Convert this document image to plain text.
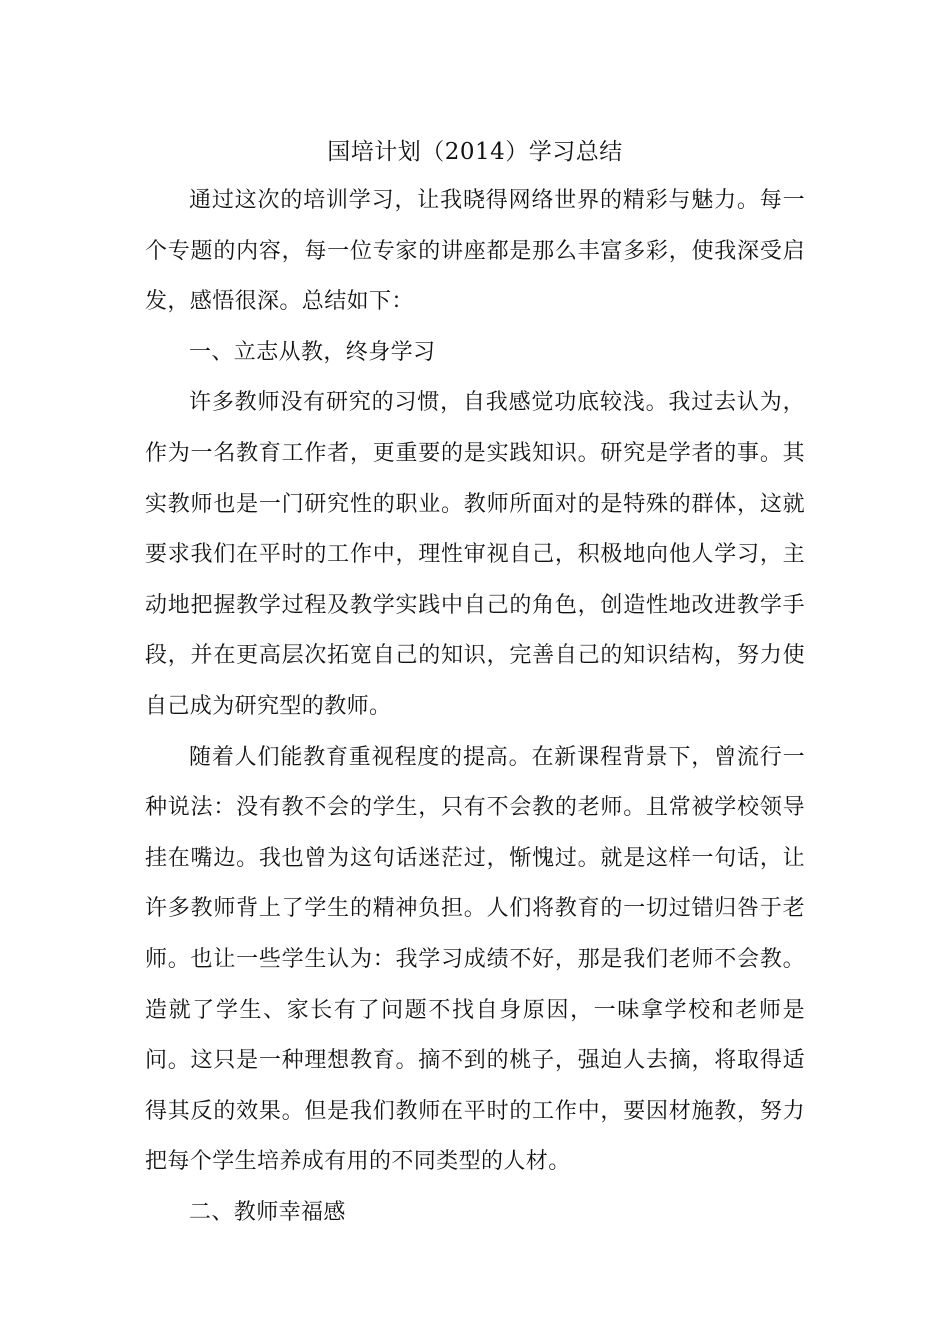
国培计划（2014）学习总结

通过这次的培训学习，让我晓得网络世界的精彩与魅力。每一个专题的内容，每一位专家的讲座都是那么丰富多彩，使我深受启发，感悟很深。总结如下：

一、立志从教，终身学习

许多教师没有研究的习惯，自我感觉功底较浅。我过去认为，作为一名教育工作者，更重要的是实践知识。研究是学者的事。其实教师也是一门研究性的职业。教师所面对的是特殊的群体，这就要求我们在平时的工作中，理性审视自己，积极地向他人学习，主动地把握教学过程及教学实践中自己的角色，创造性地改进教学手段，并在更高层次拓宽自己的知识，完善自己的知识结构，努力使自己成为研究型的教师。

随着人们能教育重视程度的提高。在新课程背景下，曾流行一种说法：没有教不会的学生，只有不会教的老师。且常被学校领导挂在嘴边。我也曾为这句话迷茫过，惭愧过。就是这样一句话，让许多教师背上了学生的精神负担。人们将教育的一切过错归咎于老师。也让一些学生认为：我学习成绩不好，那是我们老师不会教。造就了学生、家长有了问题不找自身原因，一味拿学校和老师是问。这只是一种理想教育。摘不到的桃子，强迫人去摘，将取得适得其反的效果。但是我们教师在平时的工作中，要因材施教，努力把每个学生培养成有用的不同类型的人材。

二、教师幸福感
